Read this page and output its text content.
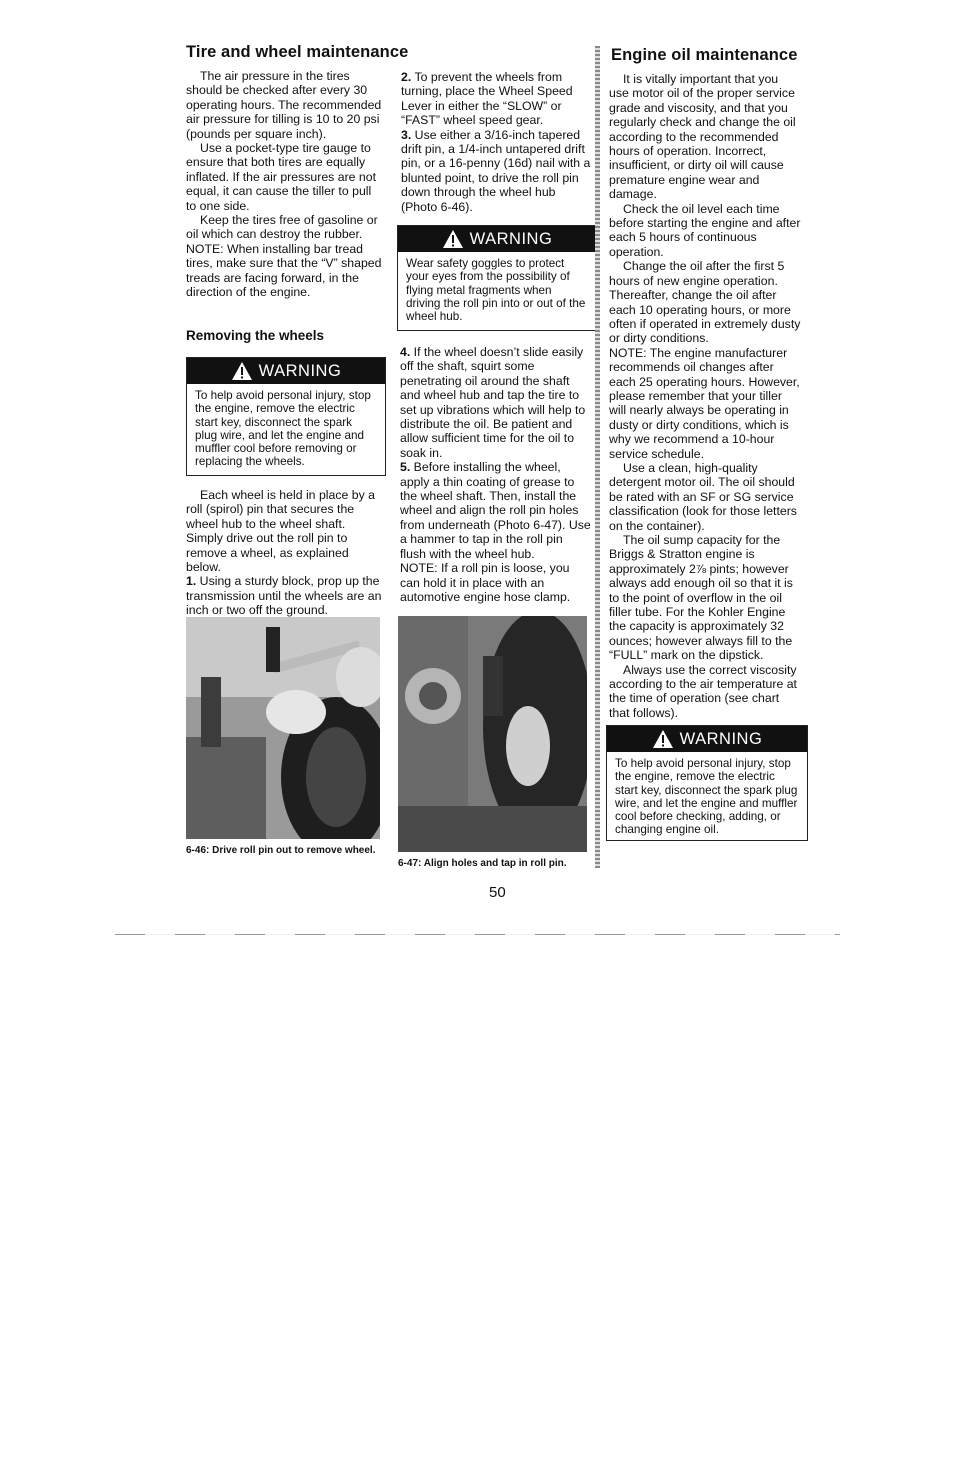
Tire and wheel maintenance

The air pressure in the tires should be checked after every 30 operating hours. The recommended air pressure for tilling is 10 to 20 psi (pounds per square inch).

Use a pocket-type tire gauge to ensure that both tires are equally inflated. If the air pressures are not equal, it can cause the tiller to pull to one side.

Keep the tires free of gasoline or oil which can destroy the rubber.

NOTE: When installing bar tread tires, make sure that the “V” shaped treads are facing forward, in the direction of the engine.

Removing the wheels
WARNING

To help avoid personal injury, stop the engine, remove the electric start key, disconnect the spark plug wire, and let the engine and muffler cool before removing or replacing the wheels.

Each wheel is held in place by a roll (spirol) pin that secures the wheel hub to the wheel shaft. Simply drive out the roll pin to remove a wheel, as explained below.

1. Using a sturdy block, prop up the transmission until the wheels are an inch or two off the ground.

6-46: Drive roll pin out to remove wheel.

2. To prevent the wheels from turning, place the Wheel Speed Lever in either the “SLOW” or “FAST” wheel speed gear.

3. Use either a 3/16-inch tapered drift pin, a 1/4-inch untapered drift pin, or a 16-penny (16d) nail with a blunted point, to drive the roll pin down through the wheel hub (Photo 6-46).

WARNING

Wear safety goggles to protect your eyes from the possibility of flying metal fragments when driving the roll pin into or out of the wheel hub.

4. If the wheel doesn’t slide easily off the shaft, squirt some penetrating oil around the shaft and wheel hub and tap the tire to set up vibrations which will help to distribute the oil. Be patient and allow sufficient time for the oil to soak in.

5. Before installing the wheel, apply a thin coating of grease to the wheel shaft. Then, install the wheel and align the roll pin holes from underneath (Photo 6-47). Use a hammer to tap in the roll pin flush with the wheel hub.

NOTE: If a roll pin is loose, you can hold it in place with an automotive engine hose clamp.

6-47: Align holes and tap in roll pin.
Engine oil maintenance

It is vitally important that you use motor oil of the proper service grade and viscosity, and that you regularly check and change the oil according to the recommended hours of operation. Incorrect, insufficient, or dirty oil will cause premature engine wear and damage.

Check the oil level each time before starting the engine and after each 5 hours of continuous operation.

Change the oil after the first 5 hours of new engine operation. Thereafter, change the oil after each 10 operating hours, or more often if operated in extremely dusty or dirty conditions.

NOTE: The engine manufacturer recommends oil changes after each 25 operating hours. However, please remember that your tiller will nearly always be operating in dusty or dirty conditions, which is why we recommend a 10-hour service schedule.

Use a clean, high-quality detergent motor oil. The oil should be rated with an SF or SG service classification (look for those letters on the container).

The oil sump capacity for the Briggs & Stratton engine is approximately 2⅞ pints; however always add enough oil so that it is to the point of overflow in the oil filler tube. For the Kohler Engine the capacity is approximately 32 ounces; however always fill to the “FULL” mark on the dipstick.

Always use the correct viscosity according to the air temperature at the time of operation (see chart that follows).

WARNING

To help avoid personal injury, stop the engine, remove the electric start key, disconnect the spark plug wire, and let the engine and muffler cool before checking, adding, or changing engine oil.

50
